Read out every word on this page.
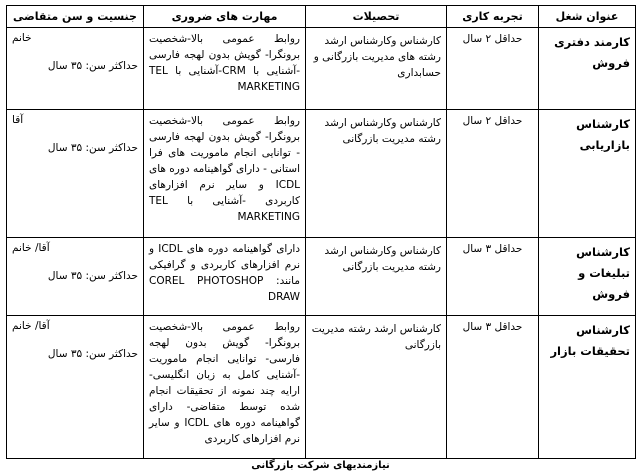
عنوان شغل	تجربه کاری	تحصیلات	مهارت های ضروری	جنسیت و سن متقاضی
کارمند دفتری فروش	حداقل ۲ سال	کارشناس وکارشناس ارشد رشته های مدیریت بازرگانی و حسابداری	روابط عمومی بالا-شخصیت برونگرا- گویش بدون لهجه فارسی -آشنایی با CRM-آشنایی با TEL MARKETING	خانم
حداکثر سن: ۳۵ سال

کارشناس بازاریابی	حداقل ۲ سال	کارشناس وکارشناس ارشد رشته مدیریت بازرگانی	روابط عمومی بالا-شخصیت برونگرا- گویش بدون لهجه فارسی - توانایی انجام ماموریت های فرا استانی - دارای گواهینامه دوره های ICDL و سایر نرم افزارهای کاربردی -آشنایی با TEL MARKETING	آقا
حداکثر سن: ۳۵ سال

کارشناس تبلیغات و فروش	حداقل ۳ سال	کارشناس وکارشناس ارشد رشته مدیریت بازرگانی	دارای گواهینامه دوره های ICDL و نرم افزارهای کاربردی و گرافیکی مانند: COREL PHOTOSHOP DRAW	آقا/ خانم
حداکثر سن: ۳۵ سال

کارشناس تحقیقات بازار	حداقل ۳ سال	کارشناس ارشد رشته مدیریت بازرگانی	روابط عمومی بالا-شخصیت برونگرا- گویش بدون لهجه فارسی- توانایی انجام ماموریت -آشنایی کامل به زبان انگلیسی-ارایه چند نمونه از تحقیقات انجام شده توسط متقاضی- دارای گواهینامه دوره های ICDL و سایر نرم افزارهای کاربردی	آقا/ خانم
حداکثر سن: ۳۵ سال
نیازمندیهای شرکت بازرگانی
